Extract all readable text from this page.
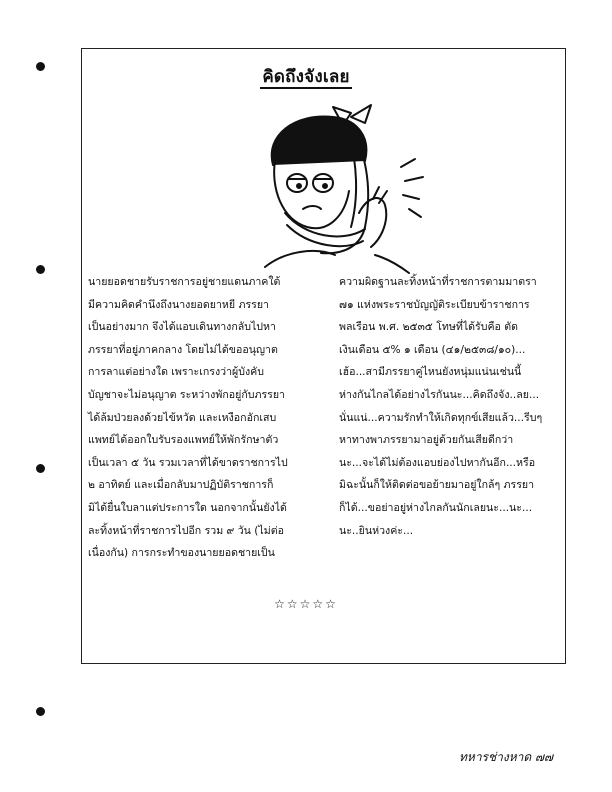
คิดถึงจังเลย

นายยอดชายรับราชการอยู่ชายแดนภาคใต้

มีความคิดคำนึงถึงนางยอดยาหยี ภรรยา

เป็นอย่างมาก จึงได้แอบเดินทางกลับไปหา

ภรรยาที่อยู่ภาคกลาง โดยไม่ได้ขออนุญาต

การลาแต่อย่างใด เพราะเกรงว่าผู้บังคับ

บัญชาจะไม่อนุญาต ระหว่างพักอยู่กับภรรยา

ได้ล้มป่วยลงด้วยไข้หวัด และเหงือกอักเสบ

แพทย์ได้ออกใบรับรองแพทย์ให้พักรักษาตัว

เป็นเวลา ๕ วัน รวมเวลาที่ได้ขาดราชการไป

๒ อาทิตย์ และเมื่อกลับมาปฏิบัติราชการก็

มิได้ยื่นใบลาแต่ประการใด นอกจากนั้นยังได้

ละทิ้งหน้าที่ราชการไปอีก รวม ๙ วัน (ไม่ต่อ

เนื่องกัน) การกระทำของนายยอดชายเป็น

ความผิดฐานละทิ้งหน้าที่ราชการตามมาตรา

๗๑ แห่งพระราชบัญญัติระเบียบข้าราชการ

พลเรือน พ.ศ. ๒๕๓๕ โทษที่ได้รับคือ ตัด

เงินเดือน ๕% ๑ เดือน (๔๑/๒๕๓๘/๑๐)...

เฮ้อ...สามีภรรยาคู่ไหนยังหนุ่มแน่นเช่นนี้

ห่างกันไกลได้อย่างไรกันนะ...คิดถึงจัง..ลย...

นั่นแน่...ความรักทำให้เกิดทุกข์เสียแล้ว...รีบๆ

หาทางพาภรรยามาอยู่ด้วยกันเสียดีกว่า

นะ...จะได้ไม่ต้องแอบย่องไปหากันอีก...หรือ

มิฉะนั้นก็ให้ติดต่อขอย้ายมาอยู่ใกล้ๆ ภรรยา

ก็ได้...ขอย่าอยู่ห่างไกลกันนักเลยนะ...นะ...

นะ..ยินห่วงค่ะ...

☆☆☆☆☆
ทหารช่างหาด ๗๗
